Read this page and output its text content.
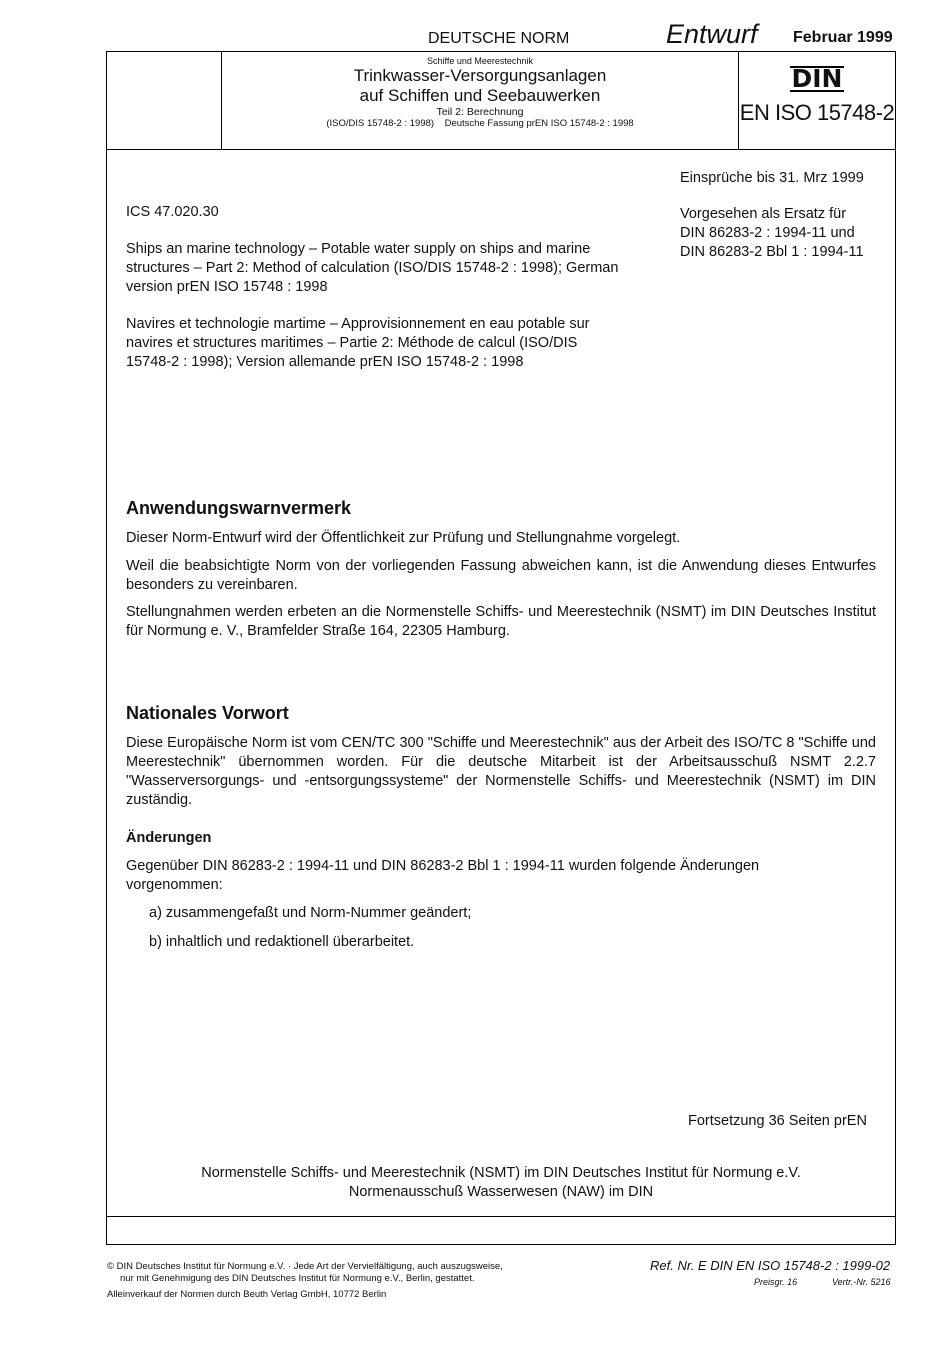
DEUTSCHE NORM	Entwurf Februar 1999
Schiffe und Meerestechnik
Trinkwasser-Versorgungsanlagen
auf Schiffen und Seebauwerken
Teil 2: Berechnung
(ISO/DIS 15748-2 : 1998)    Deutsche Fassung prEN ISO 15748-2 : 1998
DIN
EN ISO 15748-2
Einsprüche bis 31. Mrz 1999
Vorgesehen als Ersatz für
DIN 86283-2 : 1994-11 und
DIN 86283-2 Bbl 1 : 1994-11
ICS 47.020.30
Ships an marine technology – Potable water supply on ships and marine structures – Part 2: Method of calculation (ISO/DIS 15748-2 : 1998); German version prEN ISO 15748 : 1998
Navires et technologie martime – Approvisionnement en eau potable sur navires et structures maritimes – Partie 2: Méthode de calcul (ISO/DIS 15748-2 : 1998); Version allemande prEN ISO 15748-2 : 1998
Anwendungswarnvermerk
Dieser Norm-Entwurf wird der Öffentlichkeit zur Prüfung und Stellungnahme vorgelegt.
Weil die beabsichtigte Norm von der vorliegenden Fassung abweichen kann, ist die Anwendung dieses Entwurfes besonders zu vereinbaren.
Stellungnahmen werden erbeten an die Normenstelle Schiffs- und Meerestechnik (NSMT) im DIN Deutsches Institut für Normung e. V., Bramfelder Straße 164, 22305 Hamburg.
Nationales Vorwort
Diese Europäische Norm ist vom CEN/TC 300 "Schiffe und Meerestechnik" aus der Arbeit des ISO/TC 8 "Schiffe und Meerestechnik" übernommen worden. Für die deutsche Mitarbeit ist der Arbeitsausschuß NSMT 2.2.7 "Wasserversorgungs- und -entsorgungssysteme" der Normenstelle Schiffs- und Meerestechnik (NSMT) im DIN zuständig.
Änderungen
Gegenüber DIN 86283-2 : 1994-11 und DIN 86283-2 Bbl 1 : 1994-11 wurden folgende Änderungen vorgenommen:
a) zusammengefaßt und Norm-Nummer geändert;
b) inhaltlich und redaktionell überarbeitet.
Fortsetzung 36 Seiten prEN
Normenstelle Schiffs- und Meerestechnik (NSMT) im DIN Deutsches Institut für Normung e.V.
Normenausschuß Wasserwesen (NAW) im DIN
© DIN Deutsches Institut für Normung e.V. · Jede Art der Vervielfältigung, auch auszugsweise,
nur mit Genehmigung des DIN Deutsches Institut für Normung e.V., Berlin, gestattet.
Alleinverkauf der Normen durch Beuth Verlag GmbH, 10772 Berlin
Ref. Nr. E DIN EN ISO 15748-2 : 1999-02
Preisgr. 16	Vertr.-Nr. 5216
